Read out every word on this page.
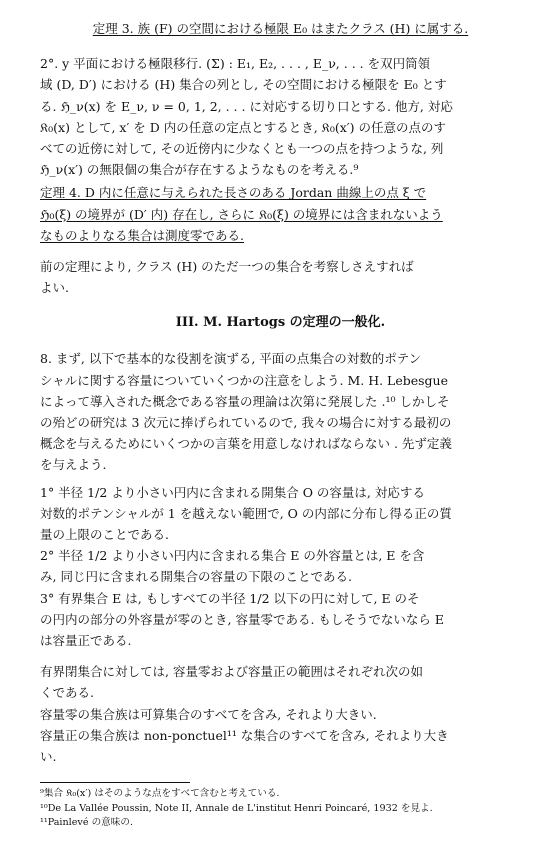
定理 3. 族 (F) の空間における極限 E₀ はまたクラス (H) に属する.

2°. y 平面における極限移行. (Σ) : E₁, E₂, . . . , E_ν, . . . を双円筒領

域 (D, D′) における (H) 集合の列とし, その空間における極限を E₀ とす

る. ℌ_ν(x) を E_ν, ν = 0, 1, 2, . . . に対応する切り口とする. 他方, 対応

𝔎₀(x) として, x′ を D 内の任意の定点とするとき, 𝔎₀(x′) の任意の点のす

べての近傍に対して, その近傍内に少なくとも一つの点を持つような, 列

ℌ_ν(x′) の無限個の集合が存在するようなものを考える.⁹

定理 4. D 内に任意に与えられた長さのある Jordan 曲線上の点 ξ で

ℌ₀(ξ) の境界が (D′ 内) 存在し, さらに 𝔎₀(ξ) の境界には含まれないよう

なものよりなる集合は測度零である.

前の定理により, クラス (H) のただ一つの集合を考察しさえすれば

よい.

III. M. Hartogs の定理の一般化.

8. まず, 以下で基本的な役割を演ずる, 平面の点集合の対数的ポテン

シャルに関する容量についていくつかの注意をしよう. M. H. Lebesgue

によって導入された概念である容量の理論は次第に発展した .¹⁰ しかしそ

の殆どの研究は 3 次元に捧げられているので, 我々の場合に対する最初の

概念を与えるためにいくつかの言葉を用意しなければならない . 先ず定義

を与えよう.

1° 半径 1/2 より小さい円内に含まれる開集合 O の容量は, 対応する

対数的ポテンシャルが 1 を越えない範囲で, O の内部に分布し得る正の質

量の上限のことである.

2° 半径 1/2 より小さい円内に含まれる集合 E の外容量とは, E を含

み, 同じ円に含まれる開集合の容量の下限のことである.

3° 有界集合 E は, もしすべての半径 1/2 以下の円に対して, E のそ

の円内の部分の外容量が零のとき, 容量零である. もしそうでないなら E

は容量正である.

有界閉集合に対しては, 容量零および容量正の範囲はそれぞれ次の如

くである.

容量零の集合族は可算集合のすべてを含み, それより大きい.

容量正の集合族は non-ponctuel¹¹ な集合のすべてを含み, それより大き

い.

⁹集合 𝔎₀(x′) はそのような点をすべて含むと考えている.

¹⁰De La Vallée Poussin, Note II, Annale de L'institut Henri Poincaré, 1932 を見よ.

¹¹Painlevé の意味の.
